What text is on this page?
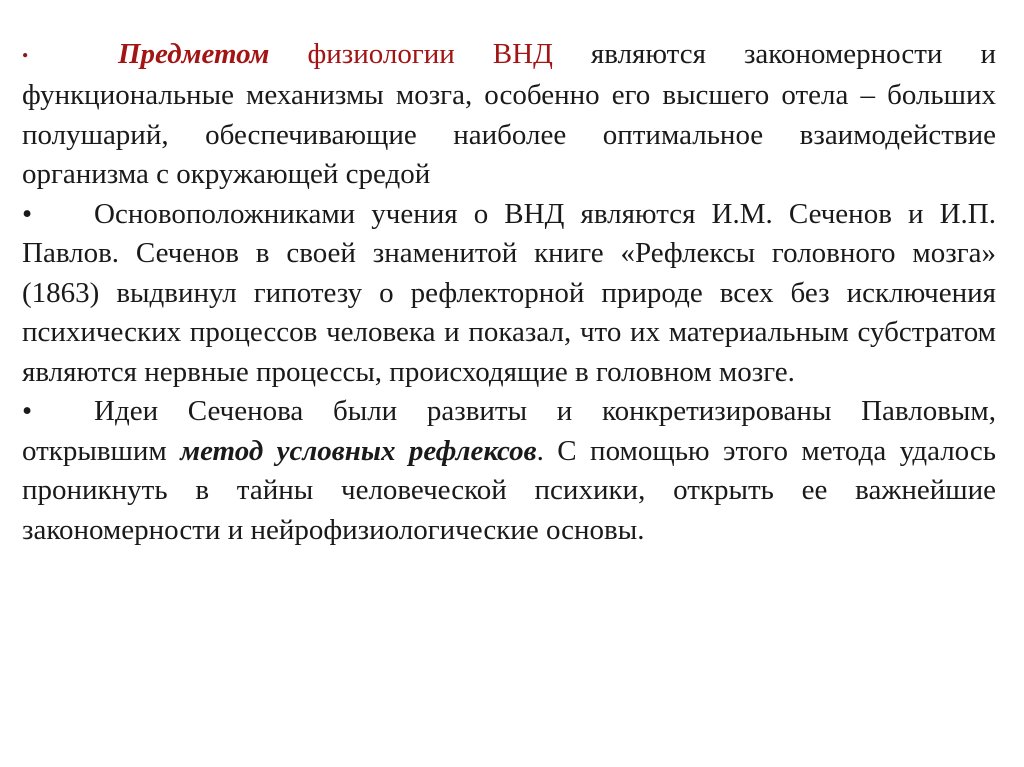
•	Предметом физиологии ВНД являются закономерности и функциональные механизмы мозга, особенно его высшего отела – больших полушарий, обеспечивающие наиболее оптимальное взаимодействие организма с окружающей средой

• Основоположниками учения о ВНД являются И.М. Сеченов и И.П. Павлов. Сеченов в своей знаменитой книге «Рефлексы головного мозга» (1863) выдвинул гипотезу о рефлекторной природе всех без исключения психических процессов человека и показал, что их материальным субстратом являются нервные процессы, происходящие в головном мозге.

• Идеи Сеченова были развиты и конкретизированы Павловым, открывшим метод условных рефлексов. С помощью этого метода удалось проникнуть в тайны человеческой психики, открыть ее важнейшие закономерности и нейрофизиологические основы.
